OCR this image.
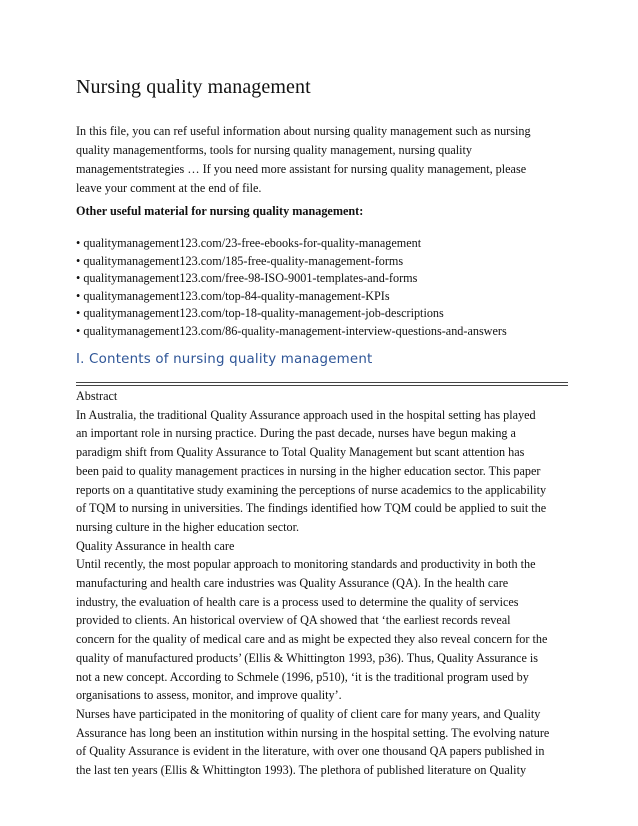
Nursing quality management
In this file, you can ref useful information about nursing quality management such as nursing
quality managementforms, tools for nursing quality management, nursing quality
managementstrategies … If you need more assistant for nursing quality management, please
leave your comment at the end of file.
Other useful material for nursing quality management:
• qualitymanagement123.com/23-free-ebooks-for-quality-management
• qualitymanagement123.com/185-free-quality-management-forms
• qualitymanagement123.com/free-98-ISO-9001-templates-and-forms
• qualitymanagement123.com/top-84-quality-management-KPIs
• qualitymanagement123.com/top-18-quality-management-job-descriptions
• qualitymanagement123.com/86-quality-management-interview-questions-and-answers
I. Contents of nursing quality management
Abstract
In Australia, the traditional Quality Assurance approach used in the hospital setting has played
an important role in nursing practice. During the past decade, nurses have begun making a
paradigm shift from Quality Assurance to Total Quality Management but scant attention has
been paid to quality management practices in nursing in the higher education sector. This paper
reports on a quantitative study examining the perceptions of nurse academics to the applicability
of TQM to nursing in universities. The findings identified how TQM could be applied to suit the
nursing culture in the higher education sector.
Quality Assurance in health care
Until recently, the most popular approach to monitoring standards and productivity in both the
manufacturing and health care industries was Quality Assurance (QA). In the health care
industry, the evaluation of health care is a process used to determine the quality of services
provided to clients. An historical overview of QA showed that ‘the earliest records reveal
concern for the quality of medical care and as might be expected they also reveal concern for the
quality of manufactured products’ (Ellis & Whittington 1993, p36). Thus, Quality Assurance is
not a new concept. According to Schmele (1996, p510), ‘it is the traditional program used by
organisations to assess, monitor, and improve quality’.
Nurses have participated in the monitoring of quality of client care for many years, and Quality
Assurance has long been an institution within nursing in the hospital setting. The evolving nature
of Quality Assurance is evident in the literature, with over one thousand QA papers published in
the last ten years (Ellis & Whittington 1993). The plethora of published literature on Quality
